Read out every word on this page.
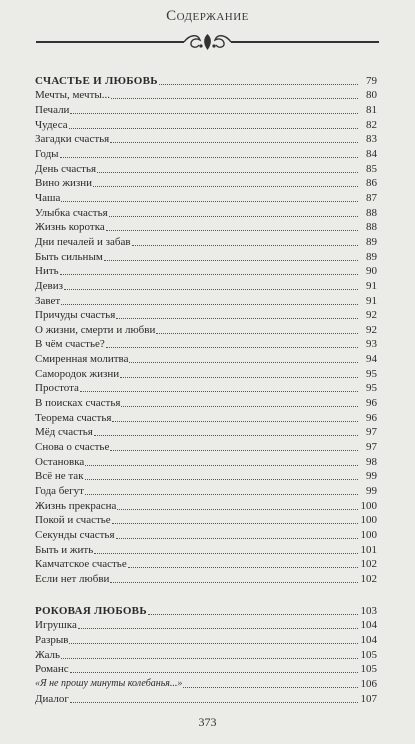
Содержание
СЧАСТЬЕ И ЛЮБОВЬ	79
Мечты, мечты...	80
Печали	81
Чудеса	82
Загадки счастья	83
Годы	84
День счастья	85
Вино жизни	86
Чаша	87
Улыбка счастья	88
Жизнь коротка	88
Дни печалей и забав	89
Быть сильным	89
Нить	90
Девиз	91
Завет	91
Причуды счастья	92
О жизни, смерти и любви	92
В чём счастье?	93
Смиренная молитва	94
Самородок жизни	95
Простота	95
В поисках счастья	96
Теорема счастья	96
Мёд счастья	97
Снова о счастье	97
Остановка	98
Всё не так	99
Года бегут	99
Жизнь прекрасна	100
Покой и счастье	100
Секунды счастья	100
Быть и жить	101
Камчатское счастье	102
Если нет любви	102
РОКОВАЯ ЛЮБОВЬ	103
Игрушка	104
Разрыв	104
Жаль	105
Романс	105
«Я не прошу минуты колебанья...»	106
Диалог	107
373
